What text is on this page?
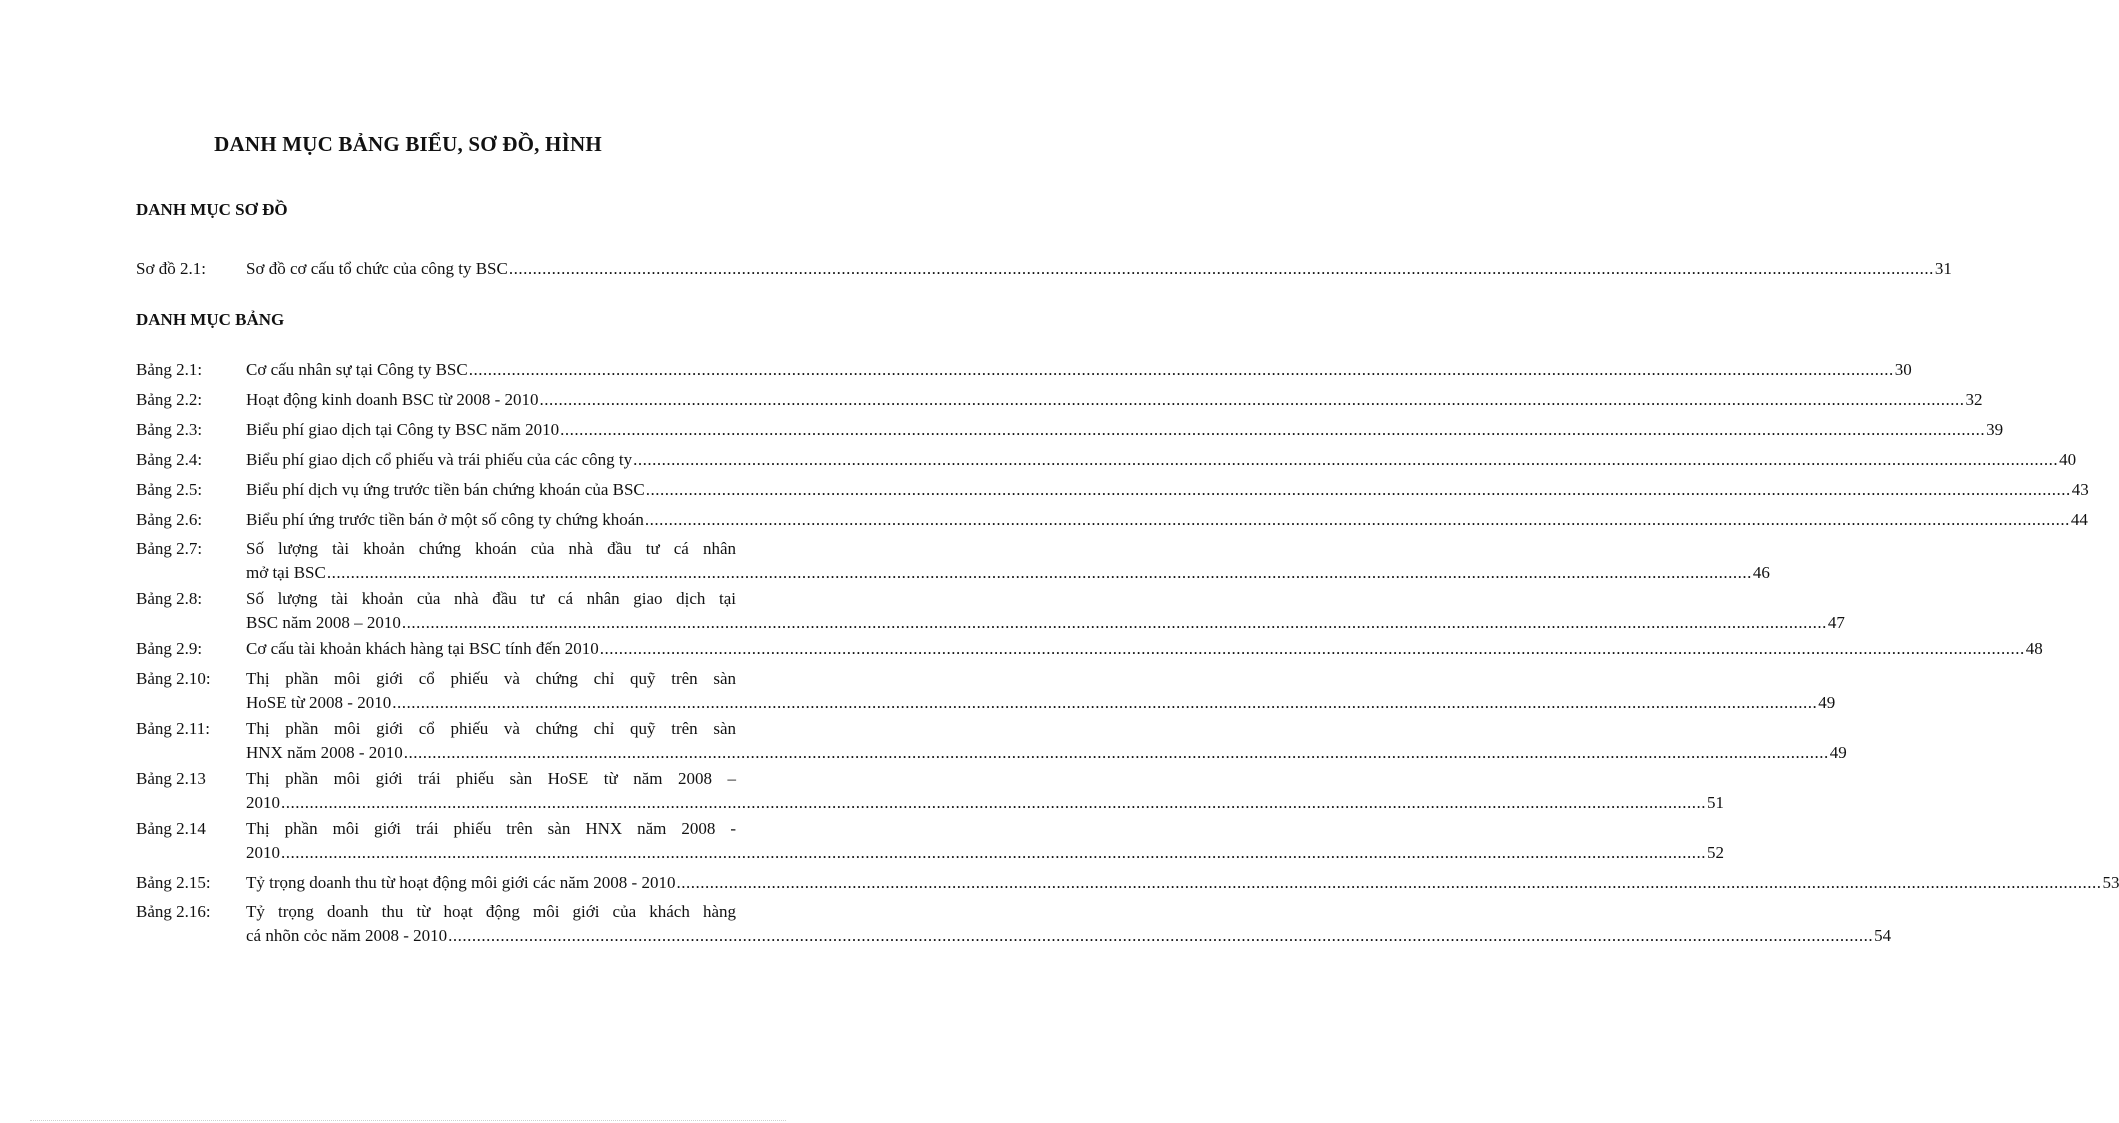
DANH MỤC BẢNG BIỂU, SƠ ĐỒ, HÌNH
DANH MỤC SƠ ĐỒ
Sơ đồ 2.1: Sơ đồ cơ cấu tổ chức của công ty BSC ............................................................................................................................................................................................................................................................................................................ 31
DANH MỤC BẢNG
Bảng 2.1:	Cơ cấu nhân sự tại Công ty BSC ............................................................................................................................................................................................................................................................................................................ 30
Bảng 2.2:	Hoạt động kinh doanh BSC từ 2008 - 2010 ............................................................................................................................................................................................................................................................................................................ 32
Bảng 2.3:	Biểu phí giao dịch tại Công ty BSC năm 2010 ............................................................................................................................................................................................................................................................................................................ 39
Bảng 2.4:	Biểu phí giao dịch cổ phiếu và trái phiếu của các công ty ............................................................................................................................................................................................................................................................................................................ 40
Bảng 2.5:	Biểu phí dịch vụ ứng trước tiền bán chứng khoán của BSC ............................................................................................................................................................................................................................................................................................................ 43
Bảng 2.6:	Biểu phí ứng trước tiền bán ở một số công ty chứng khoán ............................................................................................................................................................................................................................................................................................................ 44
Bảng 2.7:	Số lượng tài khoản chứng khoán của nhà đầu tư cá nhân
mở tại BSC ............................................................................................................................................................................................................................................................................................................ 46
Bảng 2.8:	Số lượng tài khoản của nhà đầu tư cá nhân giao dịch tại
BSC năm 2008 – 2010 ............................................................................................................................................................................................................................................................................................................ 47
Bảng 2.9:	Cơ cấu tài khoản khách hàng tại BSC tính đến 2010 ............................................................................................................................................................................................................................................................................................................ 48
Bảng 2.10: Thị phần môi giới cổ phiếu và chứng chỉ quỹ trên sàn
HoSE từ 2008 - 2010 ............................................................................................................................................................................................................................................................................................................ 49
Bảng 2.11: Thị phần môi giới cổ phiếu và chứng chỉ quỹ trên sàn
HNX năm 2008 - 2010 ............................................................................................................................................................................................................................................................................................................ 49
Bảng 2.13 Thị phần môi giới trái phiếu sàn HoSE từ năm 2008 –
2010 ............................................................................................................................................................................................................................................................................................................ 51
Bảng 2.14 Thị phần môi giới trái phiếu trên sàn HNX năm 2008 -
2010 ............................................................................................................................................................................................................................................................................................................ 52
Bảng 2.15: Tỷ trọng doanh thu từ hoạt động môi giới các năm 2008 - 2010 ............................................................................................................................................................................................................................................................................................................ 53
Bảng 2.16: Tỷ trọng doanh thu từ hoạt động môi giới của khách hàng
cá nhõn cỏc năm 2008 - 2010 ............................................................................................................................................................................................................................................................................................................ 54
